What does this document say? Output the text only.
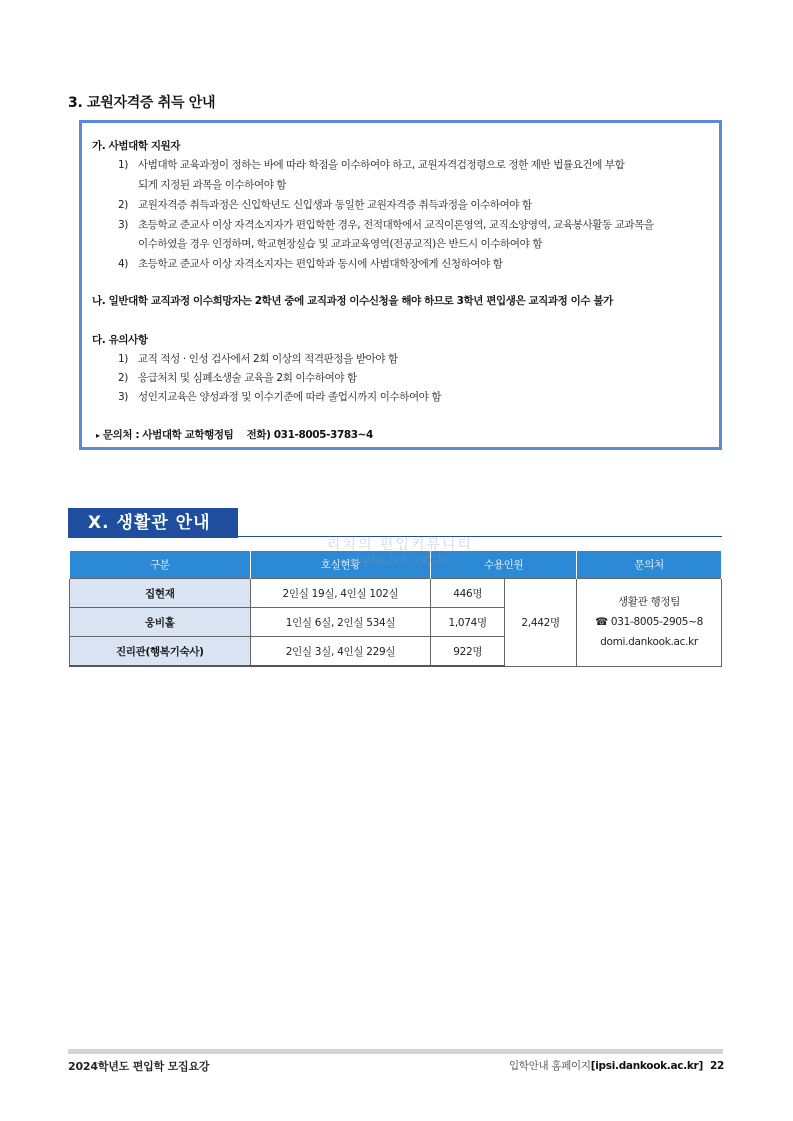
3. 교원자격증 취득 안내
가. 사범대학 지원자
1) 사범대학 교육과정이 정하는 바에 따라 학점을 이수하여야 하고, 교원자격검정령으로 정한 제반 법률요건에 부합
되게 지정된 과목을 이수하여야 함
2) 교원자격증 취득과정은 신입학년도 신입생과 동일한 교원자격증 취득과정을 이수하여야 함
3) 초등학교 준교사 이상 자격소지자가 편입학한 경우, 전적대학에서 교직이론영역, 교직소양영역, 교육봉사활동 교과목을
이수하였을 경우 인정하며, 학교현장실습 및 교과교육영역(전공교직)은 반드시 이수하여야 함
4) 초등학교 준교사 이상 자격소지자는 편입학과 동시에 사범대학장에게 신청하여야 함
나. 일반대학 교직과정 이수희망자는 2학년 중에 교직과정 이수신청을 해야 하므로 3학년 편입생은 교직과정 이수 불가
다. 유의사항
1) 교직 적성 · 인성 검사에서 2회 이상의 적격판정을 받아야 함
2) 응급처치 및 심폐소생술 교육을 2회 이수하여야 함
3) 성인지교육은 양성과정 및 이수기준에 따라 졸업시까지 이수하여야 함
▸ 문의처 : 사범대학 교학행정팀 전화) 031-8005-3783~4
X. 생활관 안내
구분	호실현황	수용인원		문의처
집현재	2인실 19실, 4인실 102실	446명	2,442명	생활관 행정팀
☎ 031-8005-2905~8
domi.dankook.ac.kr

웅비홀	1인실 6실, 2인실 534실	1,074명		
진리관(행복기숙사)	2인실 3실, 4인실 229실	922명		
리치의 편입커뮤니티
style.ich.co.kr
2024학년도 편입학 모집요강	입학안내 홈페이지[ipsi.dankook.ac.kr] 22
